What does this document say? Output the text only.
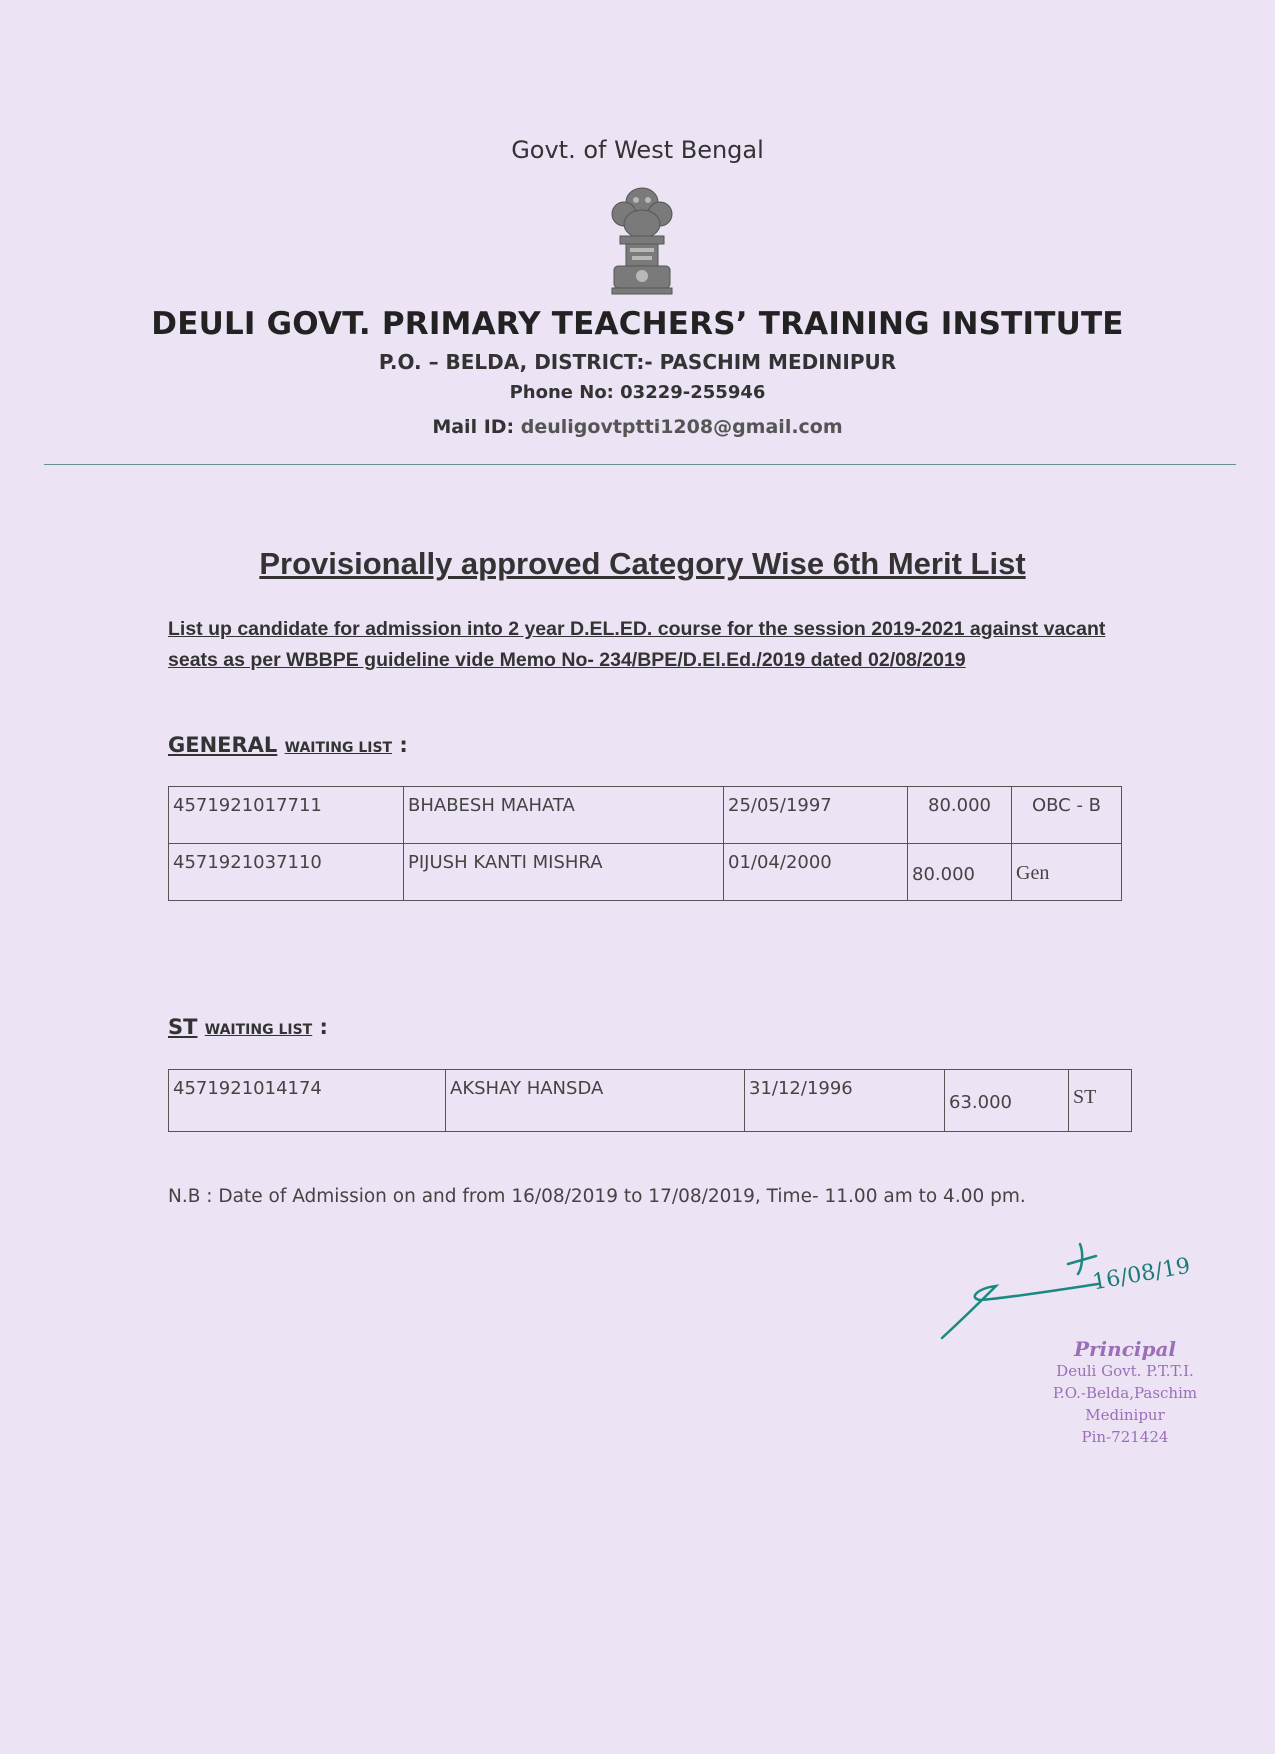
Govt. of West Bengal
DEULI GOVT. PRIMARY TEACHERS’ TRAINING INSTITUTE
P.O. – BELDA, DISTRICT:- PASCHIM MEDINIPUR
Phone No: 03229-255946
Mail ID: deuligovtptti1208@gmail.com
Provisionally approved Category Wise 6th Merit List
List up candidate for admission into 2 year D.EL.ED. course for the session 2019-2021 against vacant seats as per WBBPE guideline vide Memo No- 234/BPE/D.El.Ed./2019 dated 02/08/2019
GENERAL WAITING LIST :
4571921017711	BHABESH MAHATA	25/05/1997	80.000	OBC - B
4571921037110	PIJUSH KANTI MISHRA	01/04/2000	80.000	Gen
ST WAITING LIST :
4571921014174	AKSHAY HANSDA	31/12/1996	63.000	ST
N.B : Date of Admission on and from 16/08/2019 to 17/08/2019, Time- 11.00 am to 4.00 pm.
16/08/19
Principal
Deuli Govt. P.T.T.I.
P.O.-Belda,Paschim Medinipur
Pin-721424
